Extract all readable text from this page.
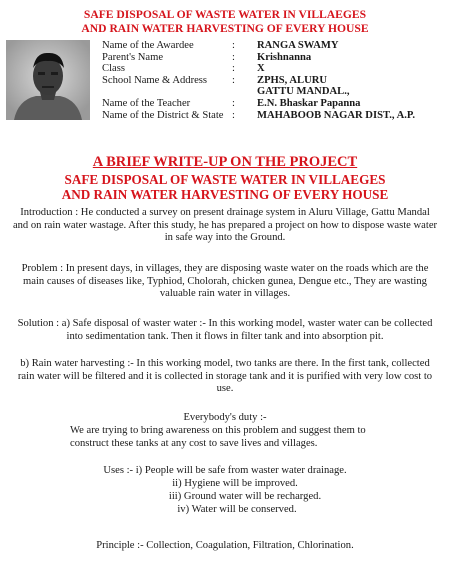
SAFE DISPOSAL OF WASTE WATER IN VILLAEGES

AND RAIN WATER HARVESTING OF EVERY HOUSE

Name of the Awardee	: RANGA SWAMY
Parent's Name	: Krishnanna
Class	: X
School Name & Address : ZPHS, ALURU
GATTU MANDAL.,
Name of the Teacher	: E.N. Bhaskar Papanna
Name of the District & State : MAHABOOB NAGAR DIST., A.P.

A BRIEF WRITE-UP ON THE PROJECT

SAFE DISPOSAL OF WASTE WATER IN VILLAEGES

AND RAIN WATER HARVESTING OF EVERY HOUSE

Introduction : He conducted a survey on present drainage system in Aluru Village, Gattu Mandal and on rain water wastage. After this study, he has prepared a project on how to dispose waste water in safe way into the Ground.

Problem : In present days, in villages, they are disposing waste water on the roads which are the main causes of diseases like, Typhiod, Cholorah, chicken gunea, Dengue etc., They are wasting valuable rain water in villages.

Solution : a) Safe disposal of waster water :- In this working model, waster water can be collected into sedimentation tank. Then it flows in filter tank and into absorption pit.

b) Rain water harvesting :- In this working model, two tanks are there. In the first tank, collected rain water will be filtered and it is collected in storage tank and it is purified with very low cost to use.

Everybody's duty :-

We are trying to bring awareness on this problem and suggest them to construct these tanks at any cost to save lives and villages.

Uses :- i) People will be safe from waster water drainage.

ii) Hygiene will be improved.

iii) Ground water will be recharged.

iv) Water will be conserved.

Principle :- Collection, Coagulation, Filtration, Chlorination.
